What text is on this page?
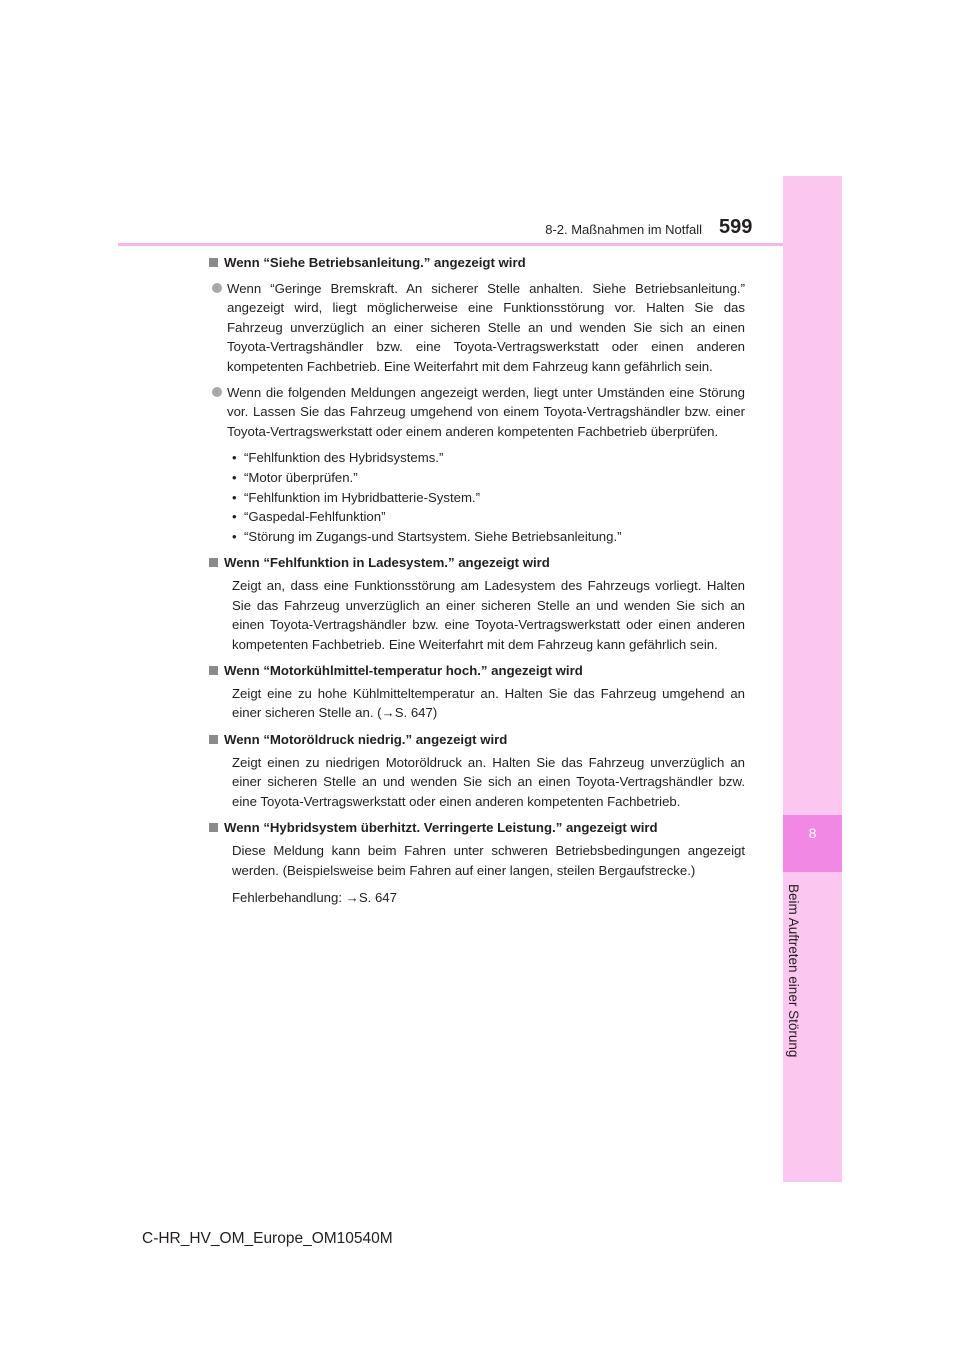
8
Beim Auftreten einer Störung
8-2. Maßnahmen im Notfall 599
Wenn “Siehe Betriebsanleitung.” angezeigt wird
Wenn “Geringe Bremskraft. An sicherer Stelle anhalten. Siehe Betriebsanleitung.” angezeigt wird, liegt möglicherweise eine Funktionsstörung vor. Halten Sie das Fahrzeug unverzüglich an einer sicheren Stelle an und wenden Sie sich an einen Toyota-Vertragshändler bzw. eine Toyota-Vertragswerkstatt oder einen anderen kompetenten Fachbetrieb. Eine Weiterfahrt mit dem Fahrzeug kann gefährlich sein.
Wenn die folgenden Meldungen angezeigt werden, liegt unter Umständen eine Störung vor. Lassen Sie das Fahrzeug umgehend von einem Toyota-Vertragshändler bzw. einer Toyota-Vertragswerkstatt oder einem anderen kompetenten Fachbetrieb überprüfen.
• “Fehlfunktion des Hybridsystems.”
• “Motor überprüfen.”
• “Fehlfunktion im Hybridbatterie-System.”
• “Gaspedal-Fehlfunktion”
• “Störung im Zugangs-und Startsystem. Siehe Betriebsanleitung.”
Wenn “Fehlfunktion in Ladesystem.” angezeigt wird
Zeigt an, dass eine Funktionsstörung am Ladesystem des Fahrzeugs vorliegt. Halten Sie das Fahrzeug unverzüglich an einer sicheren Stelle an und wenden Sie sich an einen Toyota-Vertragshändler bzw. eine Toyota-Vertragswerkstatt oder einen anderen kompetenten Fachbetrieb. Eine Weiterfahrt mit dem Fahrzeug kann gefährlich sein.
Wenn “Motorkühlmittel-temperatur hoch.” angezeigt wird
Zeigt eine zu hohe Kühlmitteltemperatur an. Halten Sie das Fahrzeug umgehend an einer sicheren Stelle an. (→S. 647)
Wenn “Motoröldruck niedrig.” angezeigt wird
Zeigt einen zu niedrigen Motoröldruck an. Halten Sie das Fahrzeug unverzüglich an einer sicheren Stelle an und wenden Sie sich an einen Toyota-Vertragshändler bzw. eine Toyota-Vertragswerkstatt oder einen anderen kompetenten Fachbetrieb.
Wenn “Hybridsystem überhitzt. Verringerte Leistung.” angezeigt wird
Diese Meldung kann beim Fahren unter schweren Betriebsbedingungen angezeigt werden. (Beispielsweise beim Fahren auf einer langen, steilen Bergaufstrecke.)
Fehlerbehandlung: →S. 647
C-HR_HV_OM_Europe_OM10540M
